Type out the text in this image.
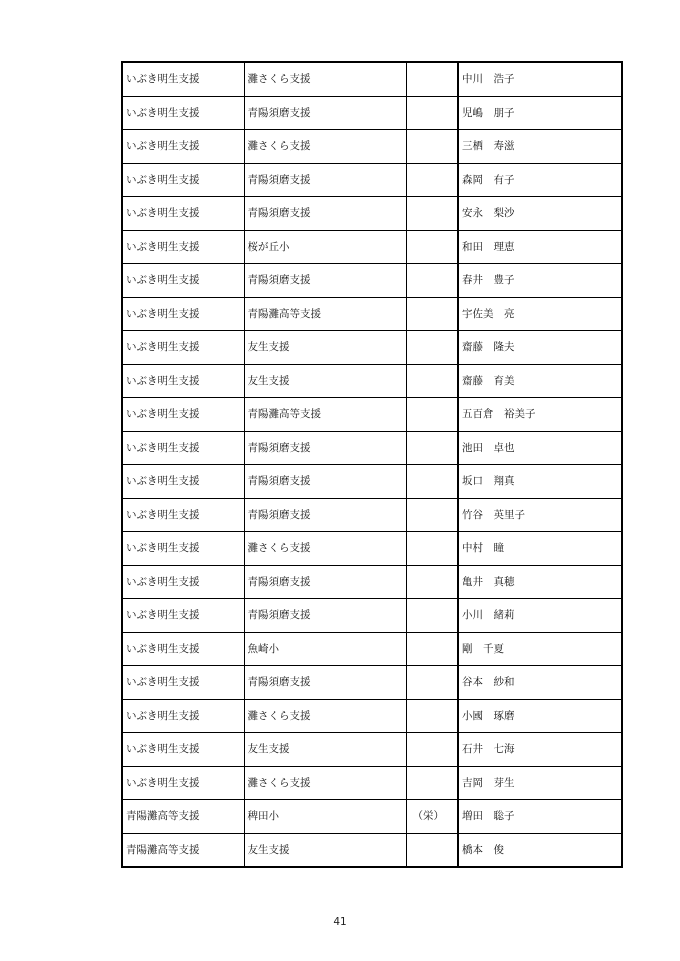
いぶき明生支援	灘さくら支援		中川　浩子
いぶき明生支援	青陽須磨支援		児嶋　朋子
いぶき明生支援	灘さくら支援		三栖　寿滋
いぶき明生支援	青陽須磨支援		森岡　有子
いぶき明生支援	青陽須磨支援		安永　梨沙
いぶき明生支援	桜が丘小		和田　理恵
いぶき明生支援	青陽須磨支援		春井　豊子
いぶき明生支援	青陽灘高等支援		宇佐美　亮
いぶき明生支援	友生支援		齋藤　隆夫
いぶき明生支援	友生支援		齋藤　育美
いぶき明生支援	青陽灘高等支援		五百倉　裕美子
いぶき明生支援	青陽須磨支援		池田　卓也
いぶき明生支援	青陽須磨支援		坂口　翔真
いぶき明生支援	青陽須磨支援		竹谷　英里子
いぶき明生支援	灘さくら支援		中村　瞳
いぶき明生支援	青陽須磨支援		亀井　真穂
いぶき明生支援	青陽須磨支援		小川　緒莉
いぶき明生支援	魚崎小		剛　千夏
いぶき明生支援	青陽須磨支援		谷本　紗和
いぶき明生支援	灘さくら支援		小國　琢磨
いぶき明生支援	友生支援		石井　七海
いぶき明生支援	灘さくら支援		吉岡　芽生
青陽灘高等支援	稗田小	（栄）	増田　聡子
青陽灘高等支援	友生支援		橋本　俊
41
